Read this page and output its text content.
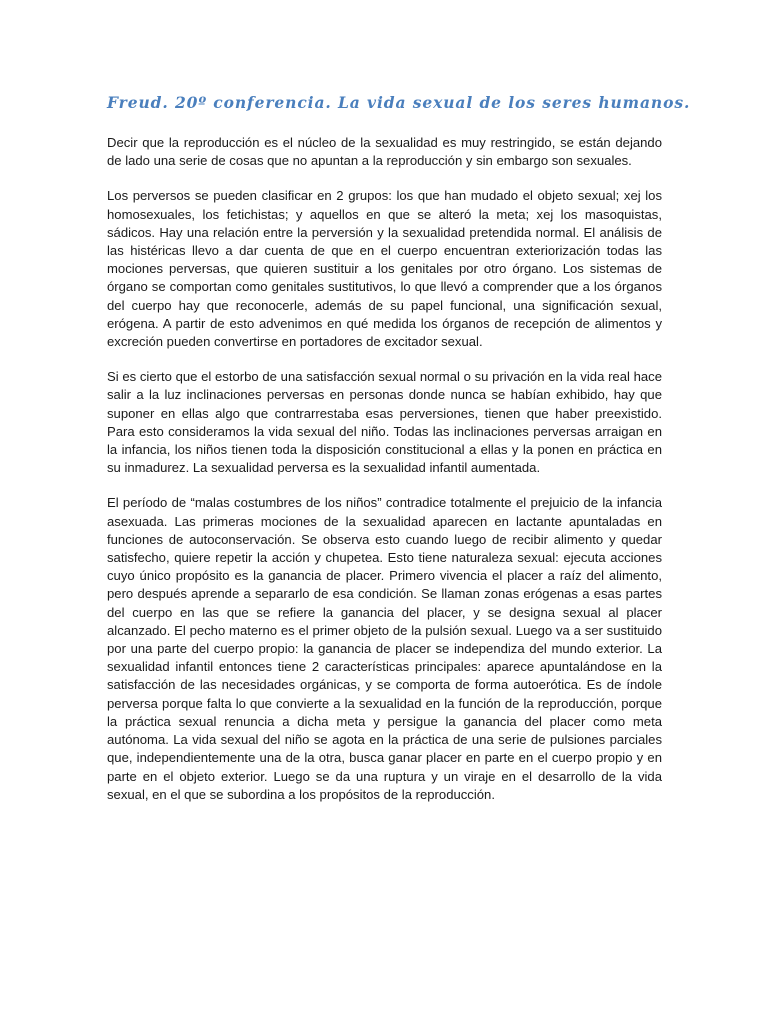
Freud. 20º conferencia. La vida sexual de los seres humanos.

Decir que la reproducción es el núcleo de la sexualidad es muy restringido, se están dejando de lado una serie de cosas que no apuntan a la reproducción y sin embargo son sexuales.

Los perversos se pueden clasificar en 2 grupos: los que han mudado el objeto sexual; xej los homosexuales, los fetichistas; y aquellos en que se alteró la meta; xej los masoquistas, sádicos. Hay una relación entre la perversión y la sexualidad pretendida normal. El análisis de las histéricas llevo a dar cuenta de que en el cuerpo encuentran exteriorización todas las mociones perversas, que quieren sustituir a los genitales por otro órgano. Los sistemas de órgano se comportan como genitales sustitutivos, lo que llevó a comprender que a los órganos del cuerpo hay que reconocerle, además de su papel funcional, una significación sexual, erógena. A partir de esto advenimos en qué medida los órganos de recepción de alimentos y excreción pueden convertirse en portadores de excitador sexual.

Si es cierto que el estorbo de una satisfacción sexual normal o su privación en la vida real hace salir a la luz inclinaciones perversas en personas donde nunca se habían exhibido, hay que suponer en ellas algo que contrarrestaba esas perversiones, tienen que haber preexistido. Para esto consideramos la vida sexual del niño. Todas las inclinaciones perversas arraigan en la infancia, los niños tienen toda la disposición constitucional a ellas y la ponen en práctica en su inmadurez. La sexualidad perversa es la sexualidad infantil aumentada.

El período de “malas costumbres de los niños” contradice totalmente el prejuicio de la infancia asexuada. Las primeras mociones de la sexualidad aparecen en lactante apuntaladas en funciones de autoconservación. Se observa esto cuando luego de recibir alimento y quedar satisfecho, quiere repetir la acción y chupetea. Esto tiene naturaleza sexual: ejecuta acciones cuyo único propósito es la ganancia de placer. Primero vivencia el placer a raíz del alimento, pero después aprende a separarlo de esa condición. Se llaman zonas erógenas a esas partes del cuerpo en las que se refiere la ganancia del placer, y se designa sexual al placer alcanzado. El pecho materno es el primer objeto de la pulsión sexual. Luego va a ser sustituido por una parte del cuerpo propio: la ganancia de placer se independiza del mundo exterior. La sexualidad infantil entonces tiene 2 características principales: aparece apuntalándose en la satisfacción de las necesidades orgánicas, y se comporta de forma autoerótica. Es de índole perversa porque falta lo que convierte a la sexualidad en la función de la reproducción, porque la práctica sexual renuncia a dicha meta y persigue la ganancia del placer como meta autónoma. La vida sexual del niño se agota en la práctica de una serie de pulsiones parciales que, independientemente una de la otra, busca ganar placer en parte en el cuerpo propio y en parte en el objeto exterior. Luego se da una ruptura y un viraje en el desarrollo de la vida sexual, en el que se subordina a los propósitos de la reproducción.
